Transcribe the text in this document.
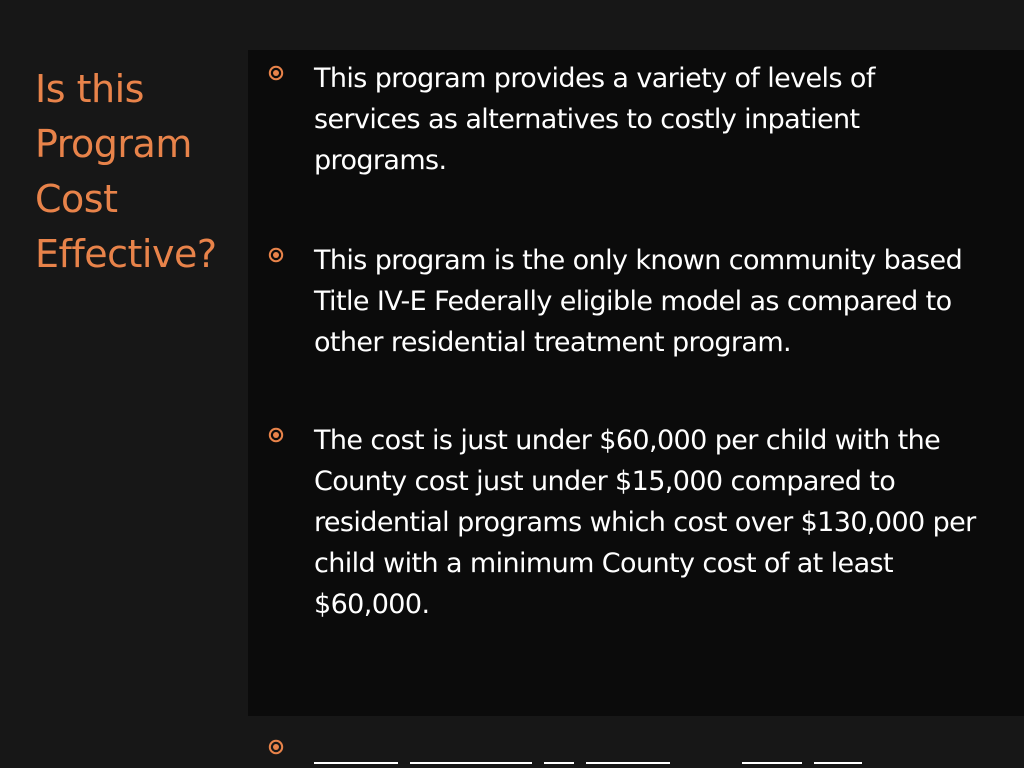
Is this
Program
Cost
Effective?
This program provides a variety of levels of
services as alternatives to costly inpatient
programs.
This program is the only known community based
Title IV-E Federally eligible model as compared to
other residential treatment program.
The cost is just under $60,000 per child with the
County cost just under $15,000 compared to
residential programs which cost over $130,000 per
child with a minimum County cost of at least
$60,000.
